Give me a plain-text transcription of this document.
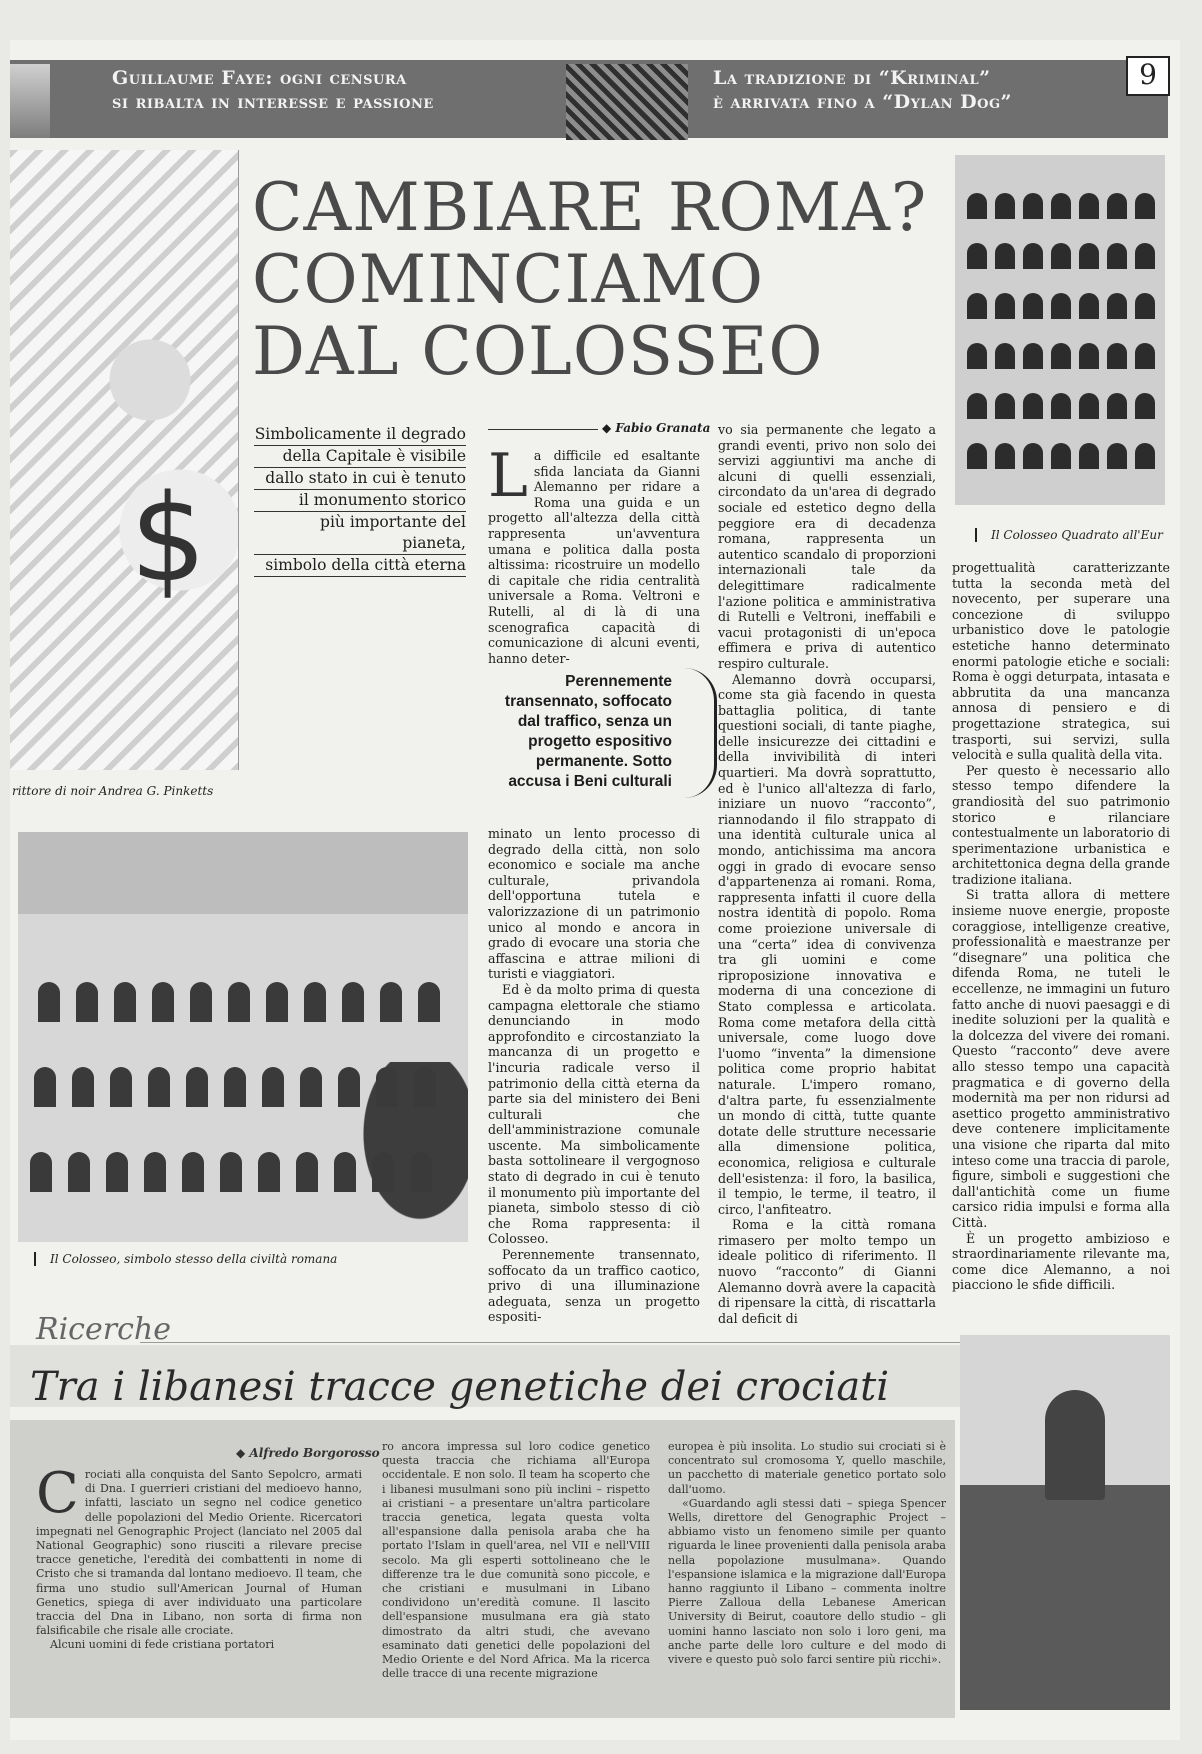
Guillaume Faye: ogni censura
si ribalta in interesse e passione
La tradizione di “Kriminal”
è arrivata fino a “Dylan Dog”
9
$
rittore di noir Andrea G. Pinketts
CAMBIARE ROMA?
COMINCIAMO
DAL COLOSSEO
Il Colosseo Quadrato all'Eur
Simbolicamente il degrado
della Capitale è visibile
dallo stato in cui è tenuto
il monumento storico
più importante del pianeta,
simbolo della città eterna
◆ Fabio Granata
L a difficile ed esaltante sfida lanciata da Gianni Alemanno per ridare a Roma una guida e un progetto all'altezza della città rappresenta un'avventura umana e politica dalla posta altissima: ricostruire un modello di capitale che ridia centralità universale a Roma. Veltroni e Rutelli, al di là di una scenografica capacità di comunicazione di alcuni eventi, hanno deter-
Perennemente transennato, soffocato dal traffico, senza un progetto espositivo permanente. Sotto accusa i Beni culturali
Il Colosseo, simbolo stesso della civiltà romana

minato un lento processo di degrado della città, non solo economico e sociale ma anche culturale, privandola dell'opportuna tutela e valorizzazione di un patrimonio unico al mondo e ancora in grado di evocare una storia che affascina e attrae milioni di turisti e viaggiatori.

Ed è da molto prima di questa campagna elettorale che stiamo denunciando in modo approfondito e circostanziato la mancanza di un progetto e l'incuria radicale verso il patrimonio della città eterna da parte sia del ministero dei Beni culturali che dell'amministrazione comunale uscente. Ma simbolicamente basta sottolineare il vergognoso stato di degrado in cui è tenuto il monumento più importante del pianeta, simbolo stesso di ciò che Roma rappresenta: il Colosseo.

Perennemente transennato, soffocato da un traffico caotico, privo di una illuminazione adeguata, senza un progetto espositi-

vo sia permanente che legato a grandi eventi, privo non solo dei servizi aggiuntivi ma anche di alcuni di quelli essenziali, circondato da un'area di degrado sociale ed estetico degno della peggiore era di decadenza romana, rappresenta un autentico scandalo di proporzioni internazionali tale da delegittimare radicalmente l'azione politica e amministrativa di Rutelli e Veltroni, ineffabili e vacui protagonisti di un'epoca effimera e priva di autentico respiro culturale.

Alemanno dovrà occuparsi, come sta già facendo in questa battaglia politica, di tante questioni sociali, di tante piaghe, delle insicurezze dei cittadini e della invivibilità di interi quartieri. Ma dovrà soprattutto, ed è l'unico all'altezza di farlo, iniziare un nuovo “racconto”, riannodando il filo strappato di una identità culturale unica al mondo, antichissima ma ancora oggi in grado di evocare senso d'appartenenza ai romani. Roma, rappresenta infatti il cuore della nostra identità di popolo. Roma come proiezione universale di una “certa” idea di convivenza tra gli uomini e come riproposizione innovativa e moderna di una concezione di Stato complessa e articolata. Roma come metafora della città universale, come luogo dove l'uomo “inventa” la dimensione politica come proprio habitat naturale. L'impero romano, d'altra parte, fu essenzialmente un mondo di città, tutte quante dotate delle strutture necessarie alla dimensione politica, economica, religiosa e culturale dell'esistenza: il foro, la basilica, il tempio, le terme, il teatro, il circo, l'anfiteatro.

Roma e la città romana rimasero per molto tempo un ideale politico di riferimento. Il nuovo “racconto” di Gianni Alemanno dovrà avere la capacità di ripensare la città, di riscattarla dal deficit di

progettualità caratterizzante tutta la seconda metà del novecento, per superare una concezione di sviluppo urbanistico dove le patologie estetiche hanno determinato enormi patologie etiche e sociali: Roma è oggi deturpata, intasata e abbrutita da una mancanza annosa di pensiero e di progettazione strategica, sui trasporti, sui servizi, sulla velocità e sulla qualità della vita.

Per questo è necessario allo stesso tempo difendere la grandiosità del suo patrimonio storico e rilanciare contestualmente un laboratorio di sperimentazione urbanistica e architettonica degna della grande tradizione italiana.

Si tratta allora di mettere insieme nuove energie, proposte coraggiose, intelligenze creative, professionalità e maestranze per “disegnare” una politica che difenda Roma, ne tuteli le eccellenze, ne immagini un futuro fatto anche di nuovi paesaggi e di inedite soluzioni per la qualità e la dolcezza del vivere dei romani. Questo “racconto” deve avere allo stesso tempo una capacità pragmatica e di governo della modernità ma per non ridursi ad asettico progetto amministrativo deve contenere implicitamente una visione che riparta dal mito inteso come una traccia di parole, figure, simboli e suggestioni che dall'antichità come un fiume carsico ridia impulsi e forma alla Città.

È un progetto ambizioso e straordinariamente rilevante ma, come dice Alemanno, a noi piacciono le sfide difficili.

Ricerche
Tra i libanesi tracce genetiche dei crociati
◆ Alfredo Borgorosso
C rociati alla conquista del Santo Sepolcro, armati di Dna. I guerrieri cristiani del medioevo hanno, infatti, lasciato un segno nel codice genetico delle popolazioni del Medio Oriente. Ricercatori impegnati nel Genographic Project (lanciato nel 2005 dal National Geographic) sono riusciti a rilevare precise tracce genetiche, l'eredità dei combattenti in nome di Cristo che si tramanda dal lontano medioevo. Il team, che firma uno studio sull'American Journal of Human Genetics, spiega di aver individuato una particolare traccia del Dna in Libano, non sorta di firma non falsificabile che risale alle crociate.

Alcuni uomini di fede cristiana portatori

ro ancora impressa sul loro codice genetico questa traccia che richiama all'Europa occidentale. E non solo. Il team ha scoperto che i libanesi musulmani sono più inclini – rispetto ai cristiani – a presentare un'altra particolare traccia genetica, legata questa volta all'espansione dalla penisola araba che ha portato l'Islam in quell'area, nel VII e nell'VIII secolo. Ma gli esperti sottolineano che le differenze tra le due comunità sono piccole, e che cristiani e musulmani in Libano condividono un'eredità comune. Il lascito dell'espansione musulmana era già stato dimostrato da altri studi, che avevano esaminato dati genetici delle popolazioni del Medio Oriente e del Nord Africa. Ma la ricerca delle tracce di una recente migrazione

europea è più insolita. Lo studio sui crociati si è concentrato sul cromosoma Y, quello maschile, un pacchetto di materiale genetico portato solo dall'uomo.

«Guardando agli stessi dati – spiega Spencer Wells, direttore del Genographic Project – abbiamo visto un fenomeno simile per quanto riguarda le linee provenienti dalla penisola araba nella popolazione musulmana». Quando l'espansione islamica e la migrazione dall'Europa hanno raggiunto il Libano – commenta inoltre Pierre Zalloua della Lebanese American University di Beirut, coautore dello studio – gli uomini hanno lasciato non solo i loro geni, ma anche parte delle loro culture e del modo di vivere e questo può solo farci sentire più ricchi».
